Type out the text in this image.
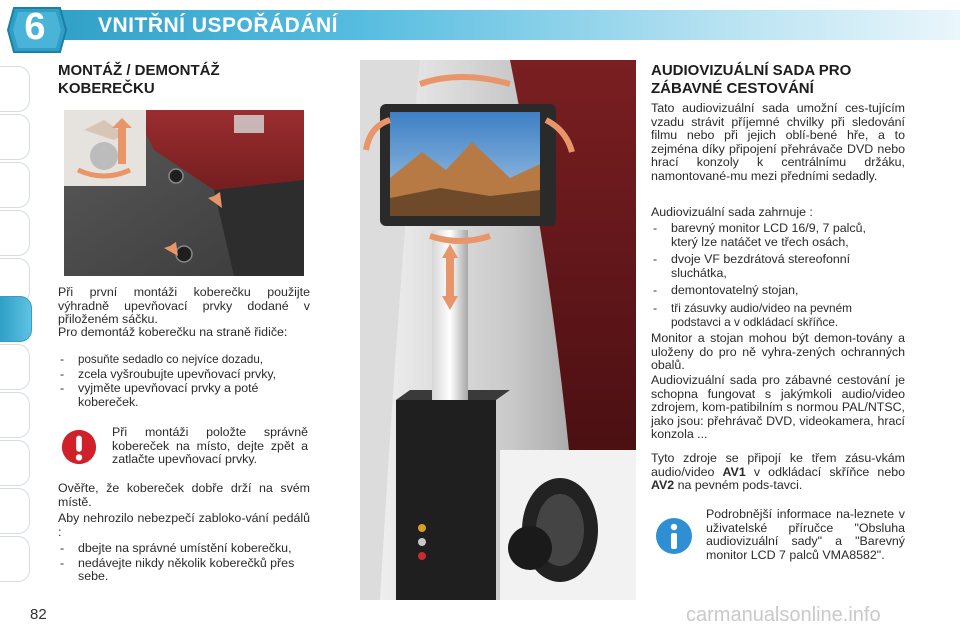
6	VNITŘNÍ USPOŘÁDÁNÍ
MONTÁŽ / DEMONTÁŽ
KOBEREČKU
Při první montáži koberečku použijte výhradně upevňovací prvky dodané v přiloženém sáčku.
Pro demontáž koberečku na straně řidiče:
- posuňte sedadlo co nejvíce dozadu,
- zcela vyšroubujte upevňovací prvky,
- vyjměte upevňovací prvky a poté kobereček.
Při montáži položte správně kobereček na místo, dejte zpět a zatlačte upevňovací prvky.
Ověřte, že kobereček dobře drží na svém místě.
Aby nehrozilo nebezpečí zabloko-vání pedálů :
- dbejte na správné umístění koberečku,
- nedávejte nikdy několik koberečků přes sebe.
82
AUDIOVIZUÁLNÍ SADA PRO
ZÁBAVNÉ CESTOVÁNÍ
Tato audiovizuální sada umožní ces-tujícím vzadu strávit příjemné chvilky při sledování filmu nebo při jejich oblí-bené hře, a to zejména díky připojení přehrávače DVD nebo hrací konzoly k centrálnímu držáku, namontované-mu mezi předními sedadly.
Audiovizuální sada zahrnuje :
- barevný monitor LCD 16/9, 7 palců, který lze natáčet ve třech osách,
- dvoje VF bezdrátová stereofonní sluchátka,
- demontovatelný stojan,
- tři zásuvky audio/video na pevném podstavci a v odkládací skříňce.
Monitor a stojan mohou být demon-továny a uloženy do pro ně vyhra-zených ochranných obalů.
Audiovizuální sada pro zábavné cestování je schopna fungovat s jakýmkoli audio/video zdrojem, kom-patibilním s normou PAL/NTSC, jako jsou: přehrávač DVD, videokamera, hrací konzola ...
Tyto zdroje se připojí ke třem zásu-vkám audio/video AV1 v odkládací skříňce nebo AV2 na pevném pods-tavci.
Podrobnější informace na-leznete v uživatelské příručce "Obsluha audiovizuální sady" a "Barevný monitor LCD 7 palců VMA8582".
carmanualsonline.info
